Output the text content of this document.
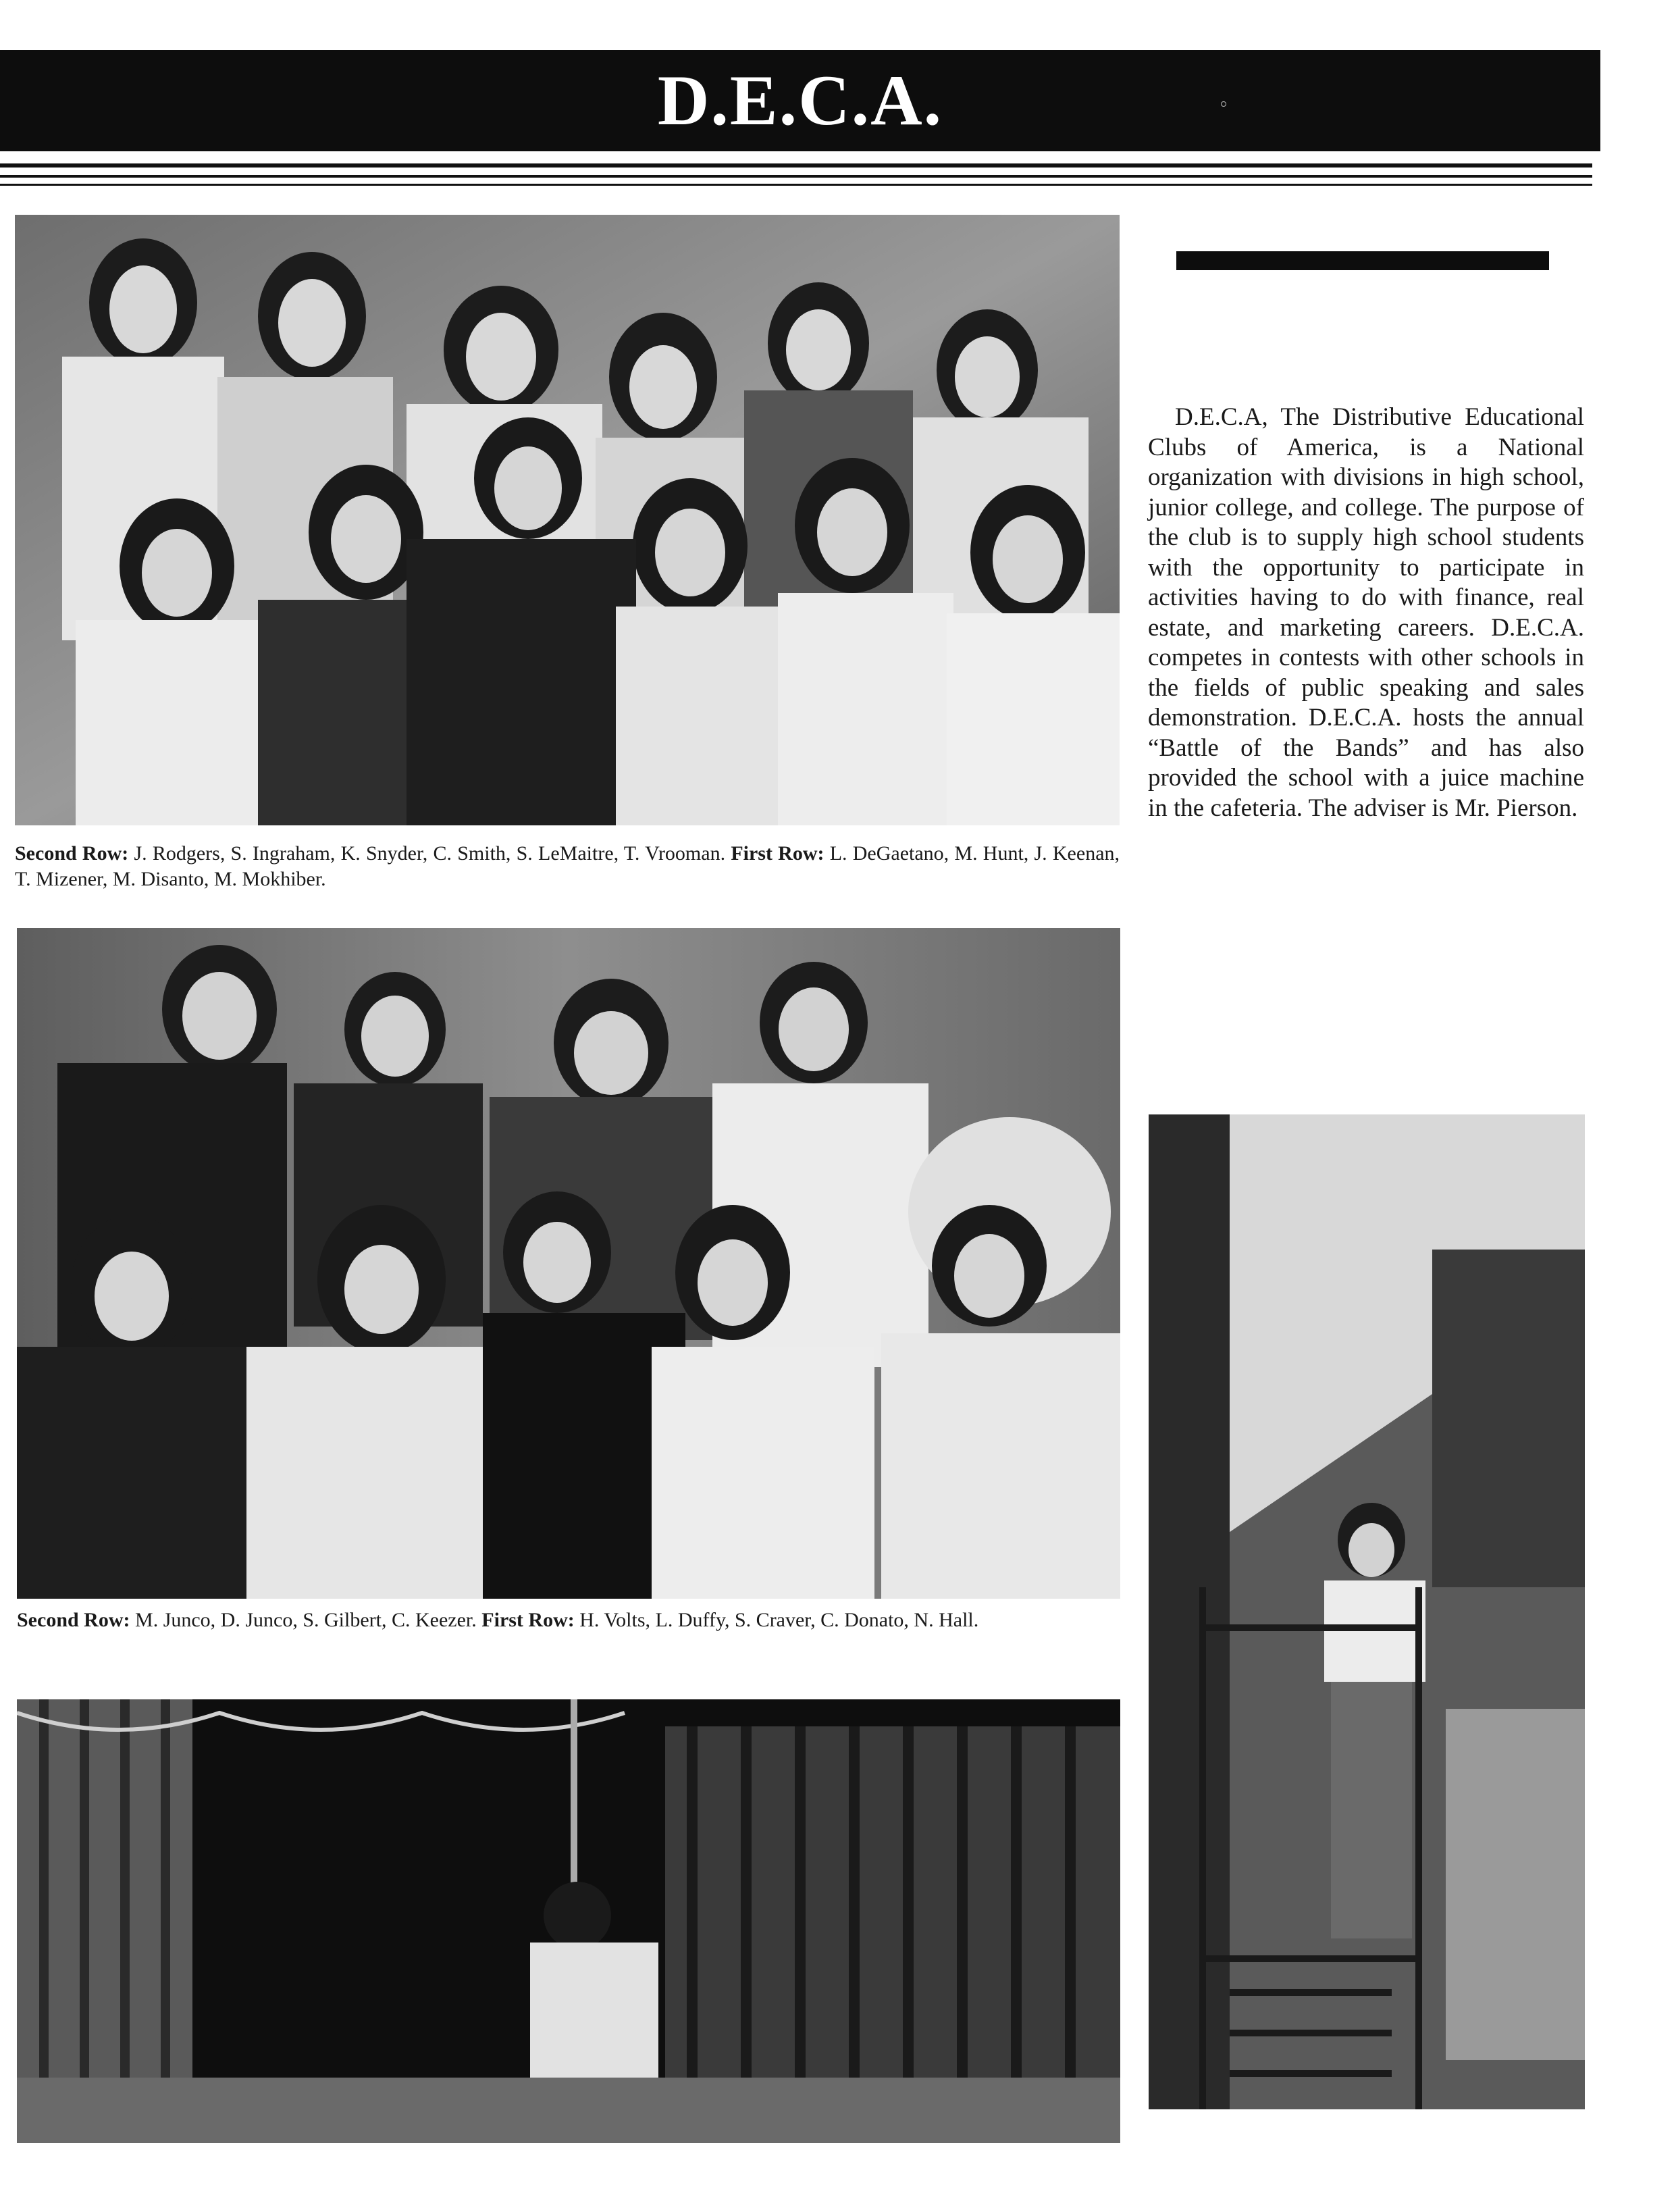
D.E.C.A.
Second Row: J. Rodgers, S. Ingraham, K. Snyder, C. Smith, S. LeMaitre, T. Vrooman. First Row: L. DeGaetano, M. Hunt, J. Keenan, T. Mizener, M. Disanto, M. Mokhiber.
Second Row: M. Junco, D. Junco, S. Gilbert, C. Keezer. First Row: H. Volts, L. Duffy, S. Craver, C. Donato, N. Hall.
D.E.C.A, The Distributive Educational Clubs of America, is a National organization with divisions in high school, junior college, and college. The purpose of the club is to supply high school students with the opportunity to participate in activities having to do with finance, real estate, and marketing careers. D.E.C.A. competes in contests with other schools in the fields of public speaking and sales demonstration. D.E.C.A. hosts the annual “Battle of the Bands” and has also provided the school with a juice machine in the cafeteria. The adviser is Mr. Pierson.
